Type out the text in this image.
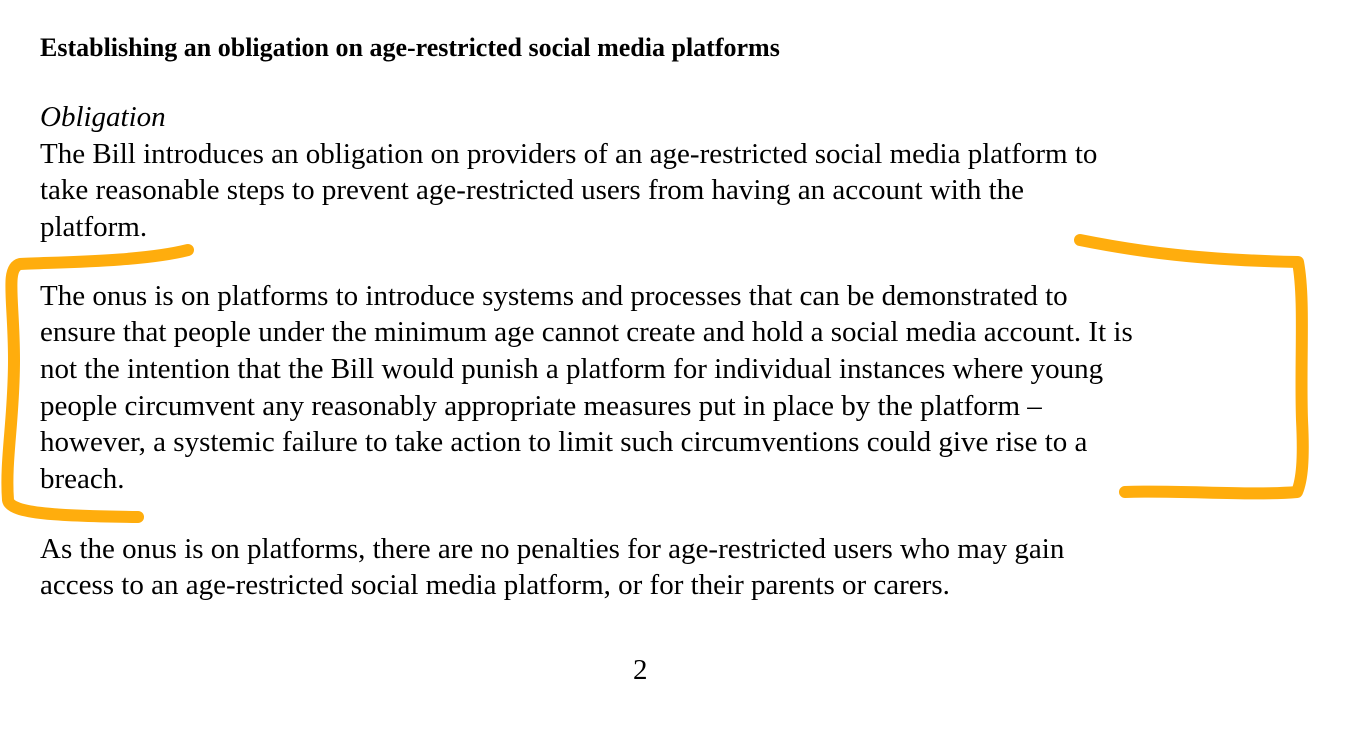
Establishing an obligation on age-restricted social media platforms
Obligation
The Bill introduces an obligation on providers of an age-restricted social media platform to
take reasonable steps to prevent age-restricted users from having an account with the
platform.
The onus is on platforms to introduce systems and processes that can be demonstrated to
ensure that people under the minimum age cannot create and hold a social media account. It is
not the intention that the Bill would punish a platform for individual instances where young
people circumvent any reasonably appropriate measures put in place by the platform –
however, a systemic failure to take action to limit such circumventions could give rise to a
breach.
As the onus is on platforms, there are no penalties for age-restricted users who may gain
access to an age-restricted social media platform, or for their parents or carers.
2
